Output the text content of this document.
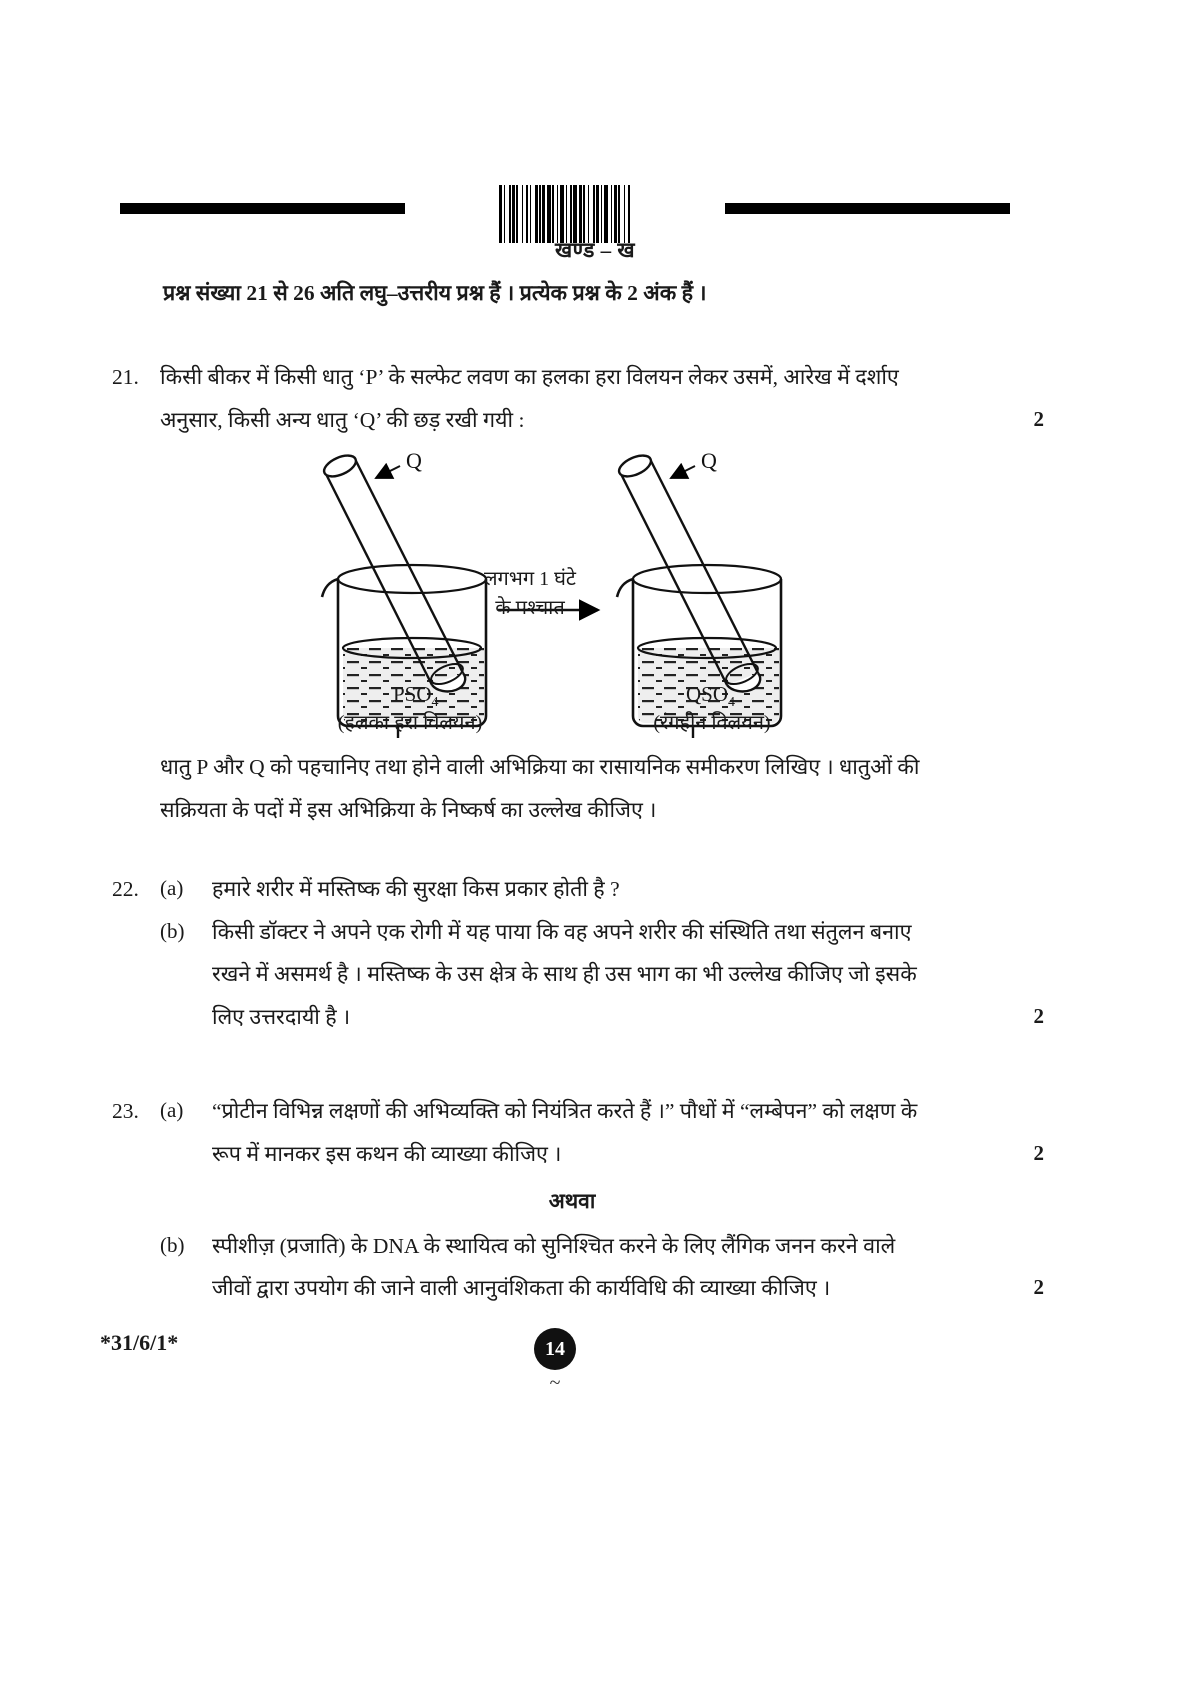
खण्ड – ख
प्रश्न संख्या 21 से 26 अति लघु–उत्तरीय प्रश्न हैं । प्रत्येक प्रश्न के 2 अंक हैं ।
21. किसी बीकर में किसी धातु ‘P’ के सल्फेट लवण का हलका हरा विलयन लेकर उसमें, आरेख में दर्शाए
अनुसार, किसी अन्य धातु ‘Q’ की छड़ रखी गयी :	2
Q	Q
लगभग 1 घंटे
के पश्चात
$PSO_4$	$QSO_4$
(हलका हरा विलयन)	(रंगहीन विलयन)
धातु P और Q को पहचानिए तथा होने वाली अभिक्रिया का रासायनिक समीकरण लिखिए । धातुओं की
सक्रियता के पदों में इस अभिक्रिया के निष्कर्ष का उल्लेख कीजिए ।
22.	(a)	हमारे शरीर में मस्तिष्क की सुरक्षा किस प्रकार होती है ?
(b)	किसी डॉक्टर ने अपने एक रोगी में यह पाया कि वह अपने शरीर की संस्थिति तथा संतुलन बनाए
रखने में असमर्थ है । मस्तिष्क के उस क्षेत्र के साथ ही उस भाग का भी उल्लेख कीजिए जो इसके
लिए उत्तरदायी है ।	2
23.	(a)	“प्रोटीन विभिन्न लक्षणों की अभिव्यक्ति को नियंत्रित करते हैं ।” पौधों में “लम्बेपन” को लक्षण के
रूप में मानकर इस कथन की व्याख्या कीजिए ।	2
अथवा
(b)	स्पीशीज़ (प्रजाति) के DNA के स्थायित्व को सुनिश्चित करने के लिए लैंगिक जनन करने वाले
जीवों द्वारा उपयोग की जाने वाली आनुवंशिकता की कार्यविधि की व्याख्या कीजिए ।	2
*31/6/1*	14
~
